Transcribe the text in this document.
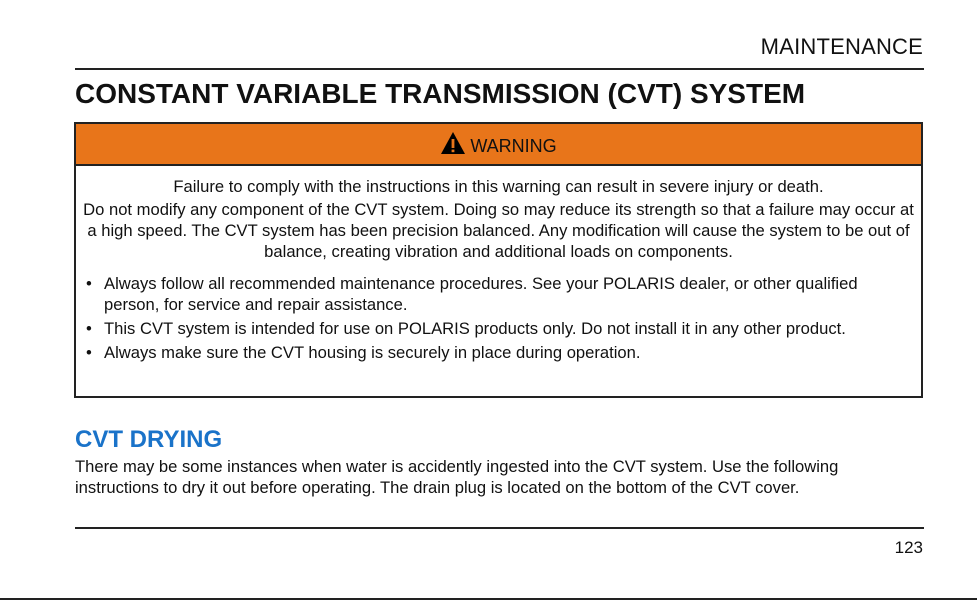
MAINTENANCE
CONSTANT VARIABLE TRANSMISSION (CVT) SYSTEM
WARNING

Failure to comply with the instructions in this warning can result in severe injury or death.

Do not modify any component of the CVT system. Doing so may reduce its strength so that a failure may occur at a high speed. The CVT system has been precision balanced. Any modification will cause the system to be out of balance, creating vibration and additional loads on components.

• Always follow all recommended maintenance procedures. See your POLARIS dealer, or other qualified person, for service and repair assistance.
• This CVT system is intended for use on POLARIS products only. Do not install it in any other product.
• Always make sure the CVT housing is securely in place during operation.
CVT DRYING

There may be some instances when water is accidently ingested into the CVT system. Use the following instructions to dry it out before operating. The drain plug is located on the bottom of the CVT cover.

123
